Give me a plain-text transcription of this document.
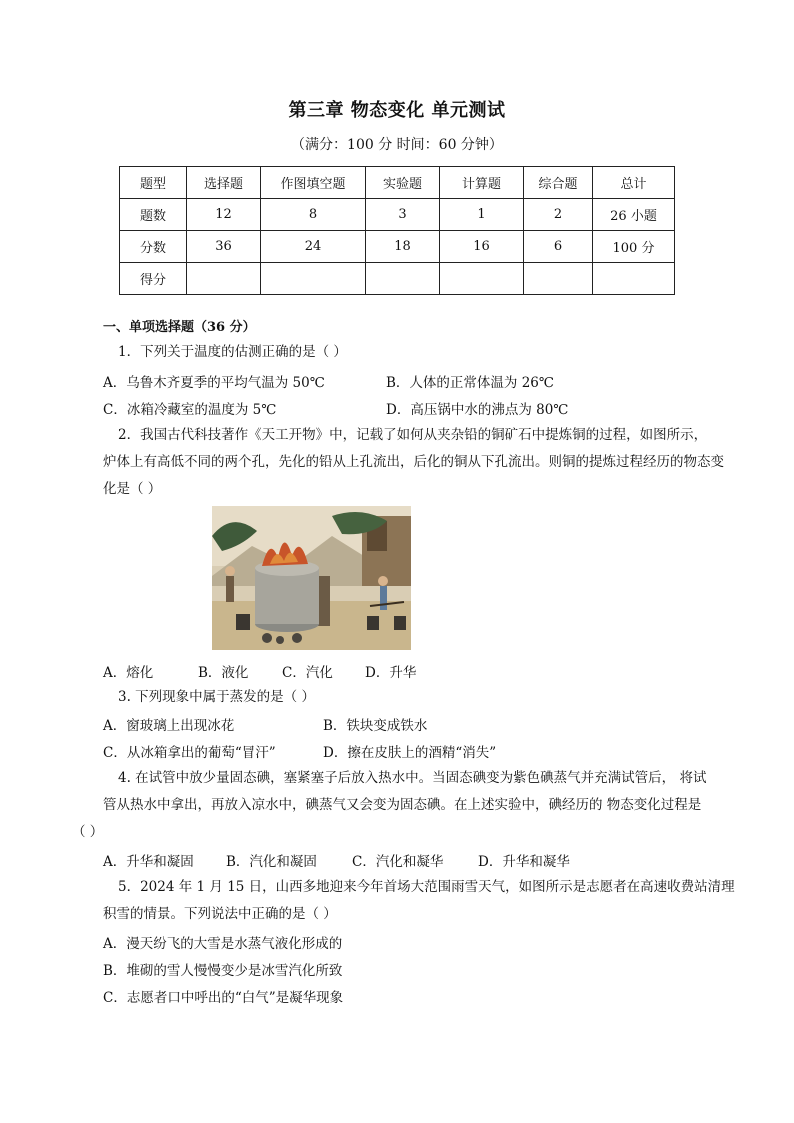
第三章 物态变化 单元测试
（满分：100 分 时间：60 分钟）
题型	选择题	作图填空题	实验题	计算题	综合题	总计
题数	12	8	3	1	2	26 小题
分数	36	24	18	16	6	100 分
得分						
一、单项选择题（36 分）
1．下列关于温度的估测正确的是（ ）
A．乌鲁木齐夏季的平均气温为 50℃	B．人体的正常体温为 26℃
C．冰箱冷藏室的温度为 5℃	D．高压锅中水的沸点为 80℃
2．我国古代科技著作《天工开物》中，记载了如何从夹杂铅的铜矿石中提炼铜的过程，如图所示，
炉体上有高低不同的两个孔，先化的铅从上孔流出，后化的铜从下孔流出。则铜的提炼过程经历的物态变
化是（ ）
A．熔化	B．液化 C．汽化 D．升华
3. 下列现象中属于蒸发的是（ ）
A．窗玻璃上出现冰花	B．铁块变成铁水
C．从冰箱拿出的葡萄“冒汗”	D．擦在皮肤上的酒精“消失”
4. 在试管中放少量固态碘，塞紧塞子后放入热水中。当固态碘变为紫色碘蒸气并充满试管后， 将试
管从热水中拿出，再放入凉水中，碘蒸气又会变为固态碘。在上述实验中，碘经历的 物态变化过程是
（ ）
A．升华和凝固 B．汽化和凝固	C．汽化和凝华	D．升华和凝华
5．2024 年 1 月 15 日，山西多地迎来今年首场大范围雨雪天气，如图所示是志愿者在高速收费站清理
积雪的情景。下列说法中正确的是（ ）
A．漫天纷飞的大雪是水蒸气液化形成的
B．堆砌的雪人慢慢变少是冰雪汽化所致
C．志愿者口中呼出的“白气”是凝华现象
